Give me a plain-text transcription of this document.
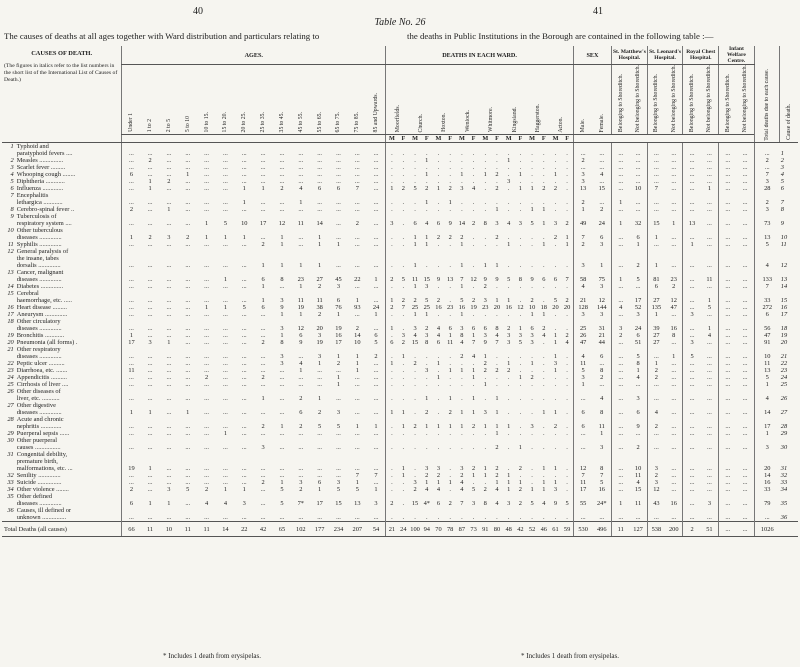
40	41
Table No. 26
The causes of deaths at all ages together with Ward distribution and particulars relating to	the deaths in Public Institutions in the Borough are contained in the following table :—
CAUSES OF DEATH.
(The figures in italics refer to the list numbers in the short list of the International List of Causes of Death.)		AGES.														DEATHS IN EACH WARD.																SEX		St. Matthew's Hospital.		St. Leonard's Hospital.		Royal Chest Hospital.		Infant Welfare Centre.		Total deaths due to each cause.	Cause of death.
		Under 1	1 to 2	2 to 5	5 to 10	10 to 15.	15 to 20.	20 to 25.	25 to 35.	35 to 45.	45 to 55.	55 to 65.	65 to 75.	75 to 85.	85 and Upwards.	Moorfields.		Church.		Hoxton.		Wenlock.		Whitmore.		Kingsland.		Haggerston.		Acton.		Male.	Female.	Belonging to Shoreditch.	Not belonging to Shoreditch.	Belonging to Shoreditch.	Not belonging to Shoreditch.	Belonging to Shoreditch.	Not belonging to Shoreditch.	Belonging to Shoreditch.	Not belonging to Shoreditch.		
																M	F	M	F	M	F	M	F	M	F	M	F	M	F	M	F												
1	Typhoid and																																										
	paratyphoid fevers ....	...	...	...	...	...	...	...	...	...	...	...	...	...	...	.	.	.	.	.	.	.	.	.	.	.	.	.	.	.	.	...	...	...	...	...	...	...	...	...	...	...	1
2	Measles ...............	...	2	...	...	...	...	...	...	...	...	...	...	...	...	.	.	.	1	.	.	.	.	.	.	1	.	.	.	.	.	2	...	...	...	...	...	...	...	...	...	2	2
3	Scarlet fever .........	...	...	...	...	...	...	...	...	...	...	...	...	...	...	.	.	.	.	.	.	.	.	.	.	.	.	.	.	.	.	...	...	...	...	...	...	...	...	...	...	...	3
4	Whooping cough ........	6	...	...	1	...	...	...	...	...	...	...	...	...	...	.	.	.	1	.	.	1	.	1	2	.	1	.	.	1	.	3	4	...	...	...	...	...	...	...	...	7	4
5	Diphtheria ............	...	1	2	...	...	...	...	...	...	...	...	...	...	...	.	.	.	.	.	.	.	.	.	.	3	.	.	.	.	.	3	...	...	...	...	...	...	...	...	...	3	5
6	Influenza .............	...	1	...	...	...	...	1	1	2	4	6	6	7	...	1	2	5	2	1	2	3	4	.	2	.	1	1	2	2	.	13	15	...	10	7	...	...	1	...	...	28	6
7	Encephalitis																																										
	lethargica ............	...	...	...	...	...	...	1	...	...	1	...	...	...	...	.	.	.	1	.	1	.	.	.	.	.	.	.	.	.	.	2	...	1	...	...	...	...	...	...	...	2	7
8	Cerebro-spinal fever ..	2	...	1	...	...	...	...	...	...	...	...	...	...	...	.	.	.	.	.	.	.	.	.	1	.	.	1	1	.	.	1	2	...	...	...	...	...	...	...	...	3	8
9	Tuberculosis of																																										
	respiratory system ....	...	...	...	...	1	5	10	17	12	11	14	...	2	...	3	.	6	4	6	9	14	2	8	3	4	3	5	1	3	2	49	24	1	32	15	1	13	...	...	...	73	9
10	Other tuberculous																																										
	diseases ..............	1	2	3	2	1	1	1	...	1	...	1	...	...	...	.	.	1	1	2	2	2	.	.	2	.	.	.	.	2	1	7	6	...	6	1	...	...	...	...	...	13	10
11	Syphilis ..............	...	...	...	...	...	...	...	2	1	...	1	1	...	...	.	.	1	1	.	.	1	.	.	.	1	.	.	1	.	1	2	3	...	1	...	...	1	...	...	...	5	11
12	General paralysis of																																										
	the insane, tabes																																										
	dorsalis ..............	...	...	...	...	...	...	...	1	1	1	1	...	...	...	.	.	1	.	.	.	1	.	1	1	.	.	.	.	.	.	3	1	...	2	1	...	...	...	...	...	4	12
13	Cancer, malignant																																										
	diseases ..............	...	...	...	...	...	1	...	6	8	23	27	45	22	1	2	5	11	15	9	13	7	12	9	9	5	8	9	6	6	7	58	75	1	5	81	23	...	11	...	...	133	13
14	Diabetes ..............	...	...	...	...	...	...	...	1	...	1	2	3	...	...	.	.	1	3	.	.	1	.	2	.	.	.	.	.	.	.	4	3	...	...	6	2	...	...	...	...	7	14
15	Cerebral																																										
	haemorrhage, etc. .....	...	...	...	...	...	...	...	1	3	11	11	6	1	...	1	2	2	5	2	.	5	2	3	1	1	.	2	.	5	2	21	12	...	17	27	12	...	1	...	...	33	15
16	Heart disease .........	...	...	...	...	1	1	5	6	9	19	38	76	93	24	2	7	25	25	16	23	16	19	23	20	16	12	10	18	20	20	128	144	4	52	135	47	...	5	...	...	272	16
17	Aneurysm ..............	...	...	...	...	...	...	...	...	1	1	2	1	...	1	.	.	1	1	.	.	1	.	.	.	.	.	1	1	.	.	3	3	...	3	1	...	3	...	...	...	6	17
18	Other circulatory																																										
	diseases ..............	...	...	...	...	...	...	...	...	3	12	20	19	2	...	1	.	3	2	4	6	3	6	6	8	2	1	6	2	.	.	25	31	3	24	39	16	...	1	...	...	56	18
19	Bronchitis ............	1	...	...	...	...	...	...	...	1	6	3	16	14	6	.	3	4	3	4	1	8	1	3	4	3	3	3	4	1	2	26	21	2	6	27	8	...	4	...	...	47	19
20	Pneumonia (all forms) .	17	3	1	...	...	...	...	2	8	9	19	17	10	5	6	2	15	8	6	11	4	7	9	7	3	5	3	.	1	4	47	44	...	51	27	...	3	...	...	...	91	20
21	Other respiratory																																										
	diseases ..............	...	...	...	...	...	...	...	...	3	...	3	1	1	2	.	1	.	.	.	.	2	4	1	.	.	.	.	.	1	.	4	6	...	5	...	1	5	...	...	...	10	21
22	Peptic ulcer ..........	...	...	...	...	...	...	...	...	3	4	1	2	1	...	1	.	2	.	1	.	.	.	2	.	1	.	1	.	3	.	11	...	...	8	1	...	...	...	...	...	11	22
23	Diarrhoea, etc. .......	11	...	...	...	...	...	...	...	...	1	...	...	1	...	.	.	.	3	.	1	1	1	2	2	2	.	.	.	1	.	5	8	...	1	2	...	...	...	...	...	13	23
24	Appendicitis ..........	...	...	...	...	2	...	...	2	...	...	...	1	...	...	.	.	.	.	1	.	.	1	.	.	.	1	2	.	.	.	3	2	...	4	2	...	...	...	...	...	5	24
25	Cirrhosis of liver ....	...	...	...	...	...	...	...	...	...	...	...	1	...	...	.	.	.	.	.	.	.	.	1	.	.	.	.	.	.	.	1	...	...	...	...	...	...	...	...	...	1	25
26	Other diseases of																																										
	liver, etc. ...........	...	...	...	...	...	...	...	1	...	2	1	...	...	...	.	.	.	1	.	1	.	1	.	1	.	.	.	.	.	.	...	4	...	3	...	...	...	...	...	...	4	26
27	Other digestive																																										
	diseases ..............	1	1	...	1	...	...	...	...	...	6	2	3	...	...	1	1	.	2	.	2	1	1	3	1	.	.	.	1	1	.	6	8	...	6	4	...	...	...	...	...	14	27
28	Acute and chronic																																										
	nephritis .............	...	...	...	...	...	...	...	2	1	2	5	5	1	1	.	1	2	1	1	1	1	2	1	1	1	.	3	.	2	.	6	11	...	9	2	...	...	...	...	...	17	28
29	Puerperal sepsis ......	...	...	...	...	...	1	...	...	...	...	...	...	...	...	.	.	.	.	.	.	.	.	.	1	.	.	.	.	.	.	...	1	...	...	...	...	...	...	...	...	1	29
30	Other puerperal																																										
	causes ................	...	...	...	...	...	...	...	3	...	...	...	...	...	...	.	.	.	.	.	.	.	.	.	2	.	1	.	.	.	.	...	3	...	2	...	...	...	...	...	...	3	30
31	Congenital debility,																																										
	premature birth,																																										
	malformations, etc. ...	19	1	...	...	...	...	...	...	...	...	...	...	...	...	.	1	.	3	3	.	3	2	1	2	.	2	.	1	1	.	12	8	...	10	3	...	...	...	...	...	20	31
32	Senility ..............	...	...	...	...	...	...	...	...	...	...	...	...	7	7	.	1	.	2	2	.	2	1	1	2	1	.	.	.	.	.	7	7	...	11	2	...	...	...	...	...	14	32
33	Suicide ...............	...	...	...	...	...	...	...	2	1	3	6	3	1	...	.	.	3	1	1	1	4	.	.	1	1	1	.	1	1	.	11	5	...	4	3	...	...	...	...	...	16	33
34	Other violence ........	2	...	3	5	2	1	1	...	5	2	1	5	5	1	.	.	2	4	4	.	4	5	2	4	1	2	1	1	3	.	17	16	...	15	12	...	...	...	...	...	33	34
35	Other defined																																										
	diseases ..............	6	1	1	...	4	4	3	...	5	7*	17	15	13	3	2	.	15	4*	6	2	7	3	8	4	3	2	5	4	9	5	55	24*	1	11	43	16	...	3	...	...	79	35
36	Causes, ill defined or																																										
	unknown ...............	...	...	...	...	...	...	...	...	...	...	...	...	...	...	.	.	.	.	.	.	.	.	.	.	.	.	.	.	.	.	...	...	...	...	...	...	...	...	...	...	...	36
Total Deaths (all causes)		66	11	10	11	11	14	22	42	65	102	177	234	207	54	21	24	100	94	70	78	87	73	91	80	48	42	52	46	61	59	530	496	11	127	538	200	2	51	...	...	1026	
* Includes 1 death from erysipelas.	* Includes 1 death from erysipelas.
